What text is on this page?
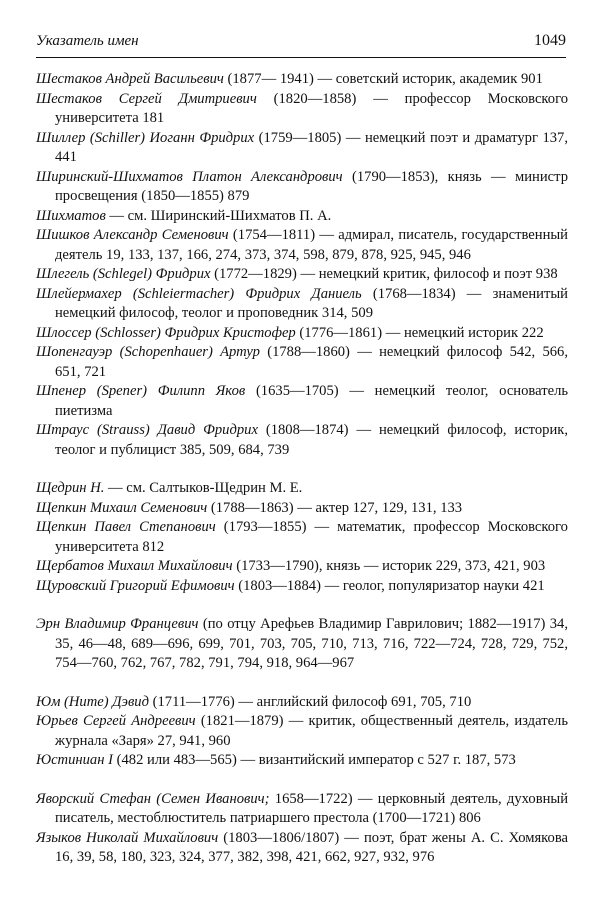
Указатель имен	1049
Шестаков Андрей Васильевич (1877— 1941) — советский историк, академик 901
Шестаков Сергей Дмитриевич (1820—1858) — профессор Московского университета 181
Шиллер (Schiller) Иоганн Фридрих (1759—1805) — немецкий поэт и драматург 137, 441
Ширинский-Шихматов Платон Александрович (1790—1853), князь — министр просвещения (1850—1855) 879
Шихматов — см. Ширинский-Шихматов П. А.
Шишков Александр Семенович (1754—1811) — адмирал, писатель, государственный деятель 19, 133, 137, 166, 274, 373, 374, 598, 879, 878, 925, 945, 946
Шлегель (Schlegel) Фридрих (1772—1829) — немецкий критик, философ и поэт 938
Шлейермахер (Schleiermacher) Фридрих Даниель (1768—1834) — знаменитый немецкий философ, теолог и проповедник 314, 509
Шлоссер (Schlosser) Фридрих Кристофер (1776—1861) — немецкий историк 222
Шопенгауэр (Schopenhauer) Артур (1788—1860) — немецкий философ 542, 566, 651, 721
Шпенер (Spener) Филипп Яков (1635—1705) — немецкий теолог, основатель пиетизма
Штраус (Strauss) Давид Фридрих (1808—1874) — немецкий философ, историк, теолог и публицист 385, 509, 684, 739
Щедрин Н. — см. Салтыков-Щедрин М. Е.
Щепкин Михаил Семенович (1788—1863) — актер 127, 129, 131, 133
Щепкин Павел Степанович (1793—1855) — математик, профессор Московского университета 812
Щербатов Михаил Михайлович (1733—1790), князь — историк 229, 373, 421, 903
Щуровский Григорий Ефимович (1803—1884) — геолог, популяризатор науки 421
Эрн Владимир Францевич (по отцу Арефьев Владимир Гаврилович; 1882—1917) 34, 35, 46—48, 689—696, 699, 701, 703, 705, 710, 713, 716, 722—724, 728, 729, 752, 754—760, 762, 767, 782, 791, 794, 918, 964—967
Юм (Hume) Дэвид (1711—1776) — английский философ 691, 705, 710
Юрьев Сергей Андреевич (1821—1879) — критик, общественный деятель, издатель журнала «Заря» 27, 941, 960
Юстиниан I (482 или 483—565) — византийский император с 527 г. 187, 573
Яворский Стефан (Семен Иванович; 1658—1722) — церковный деятель, духовный писатель, местоблюститель патриаршего престола (1700—1721) 806
Языков Николай Михайлович (1803—1806/1807) — поэт, брат жены А. С. Хомякова 16, 39, 58, 180, 323, 324, 377, 382, 398, 421, 662, 927, 932, 976
